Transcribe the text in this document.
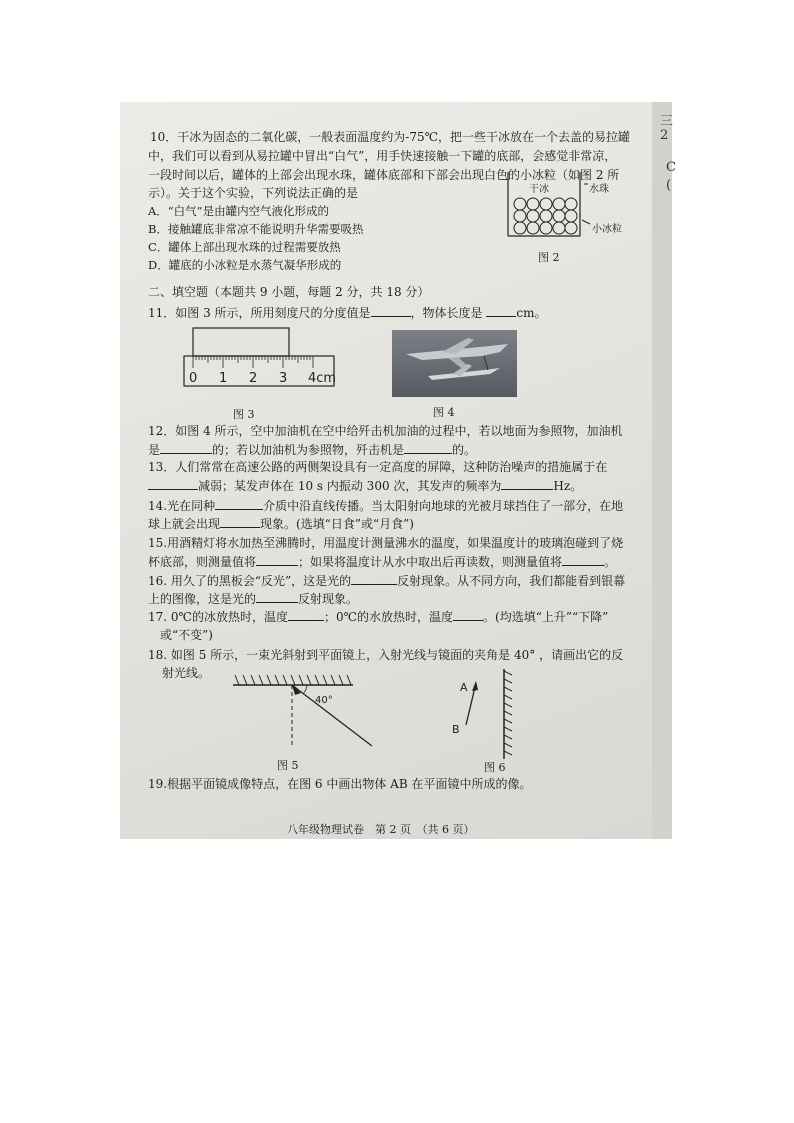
三
2
C
(
10．干冰为固态的二氧化碳，一般表面温度约为-75℃，把一些干冰放在一个去盖的易拉罐
中，我们可以看到从易拉罐中冒出“白气”，用手快速接触一下罐的底部，会感觉非常凉，
一段时间以后，罐体的上部会出现水珠，罐体底部和下部会出现白色的小冰粒（如图 2 所
示）。关于这个实验，下列说法正确的是
A．“白气”是由罐内空气液化形成的
B．接触罐底非常凉不能说明升华需要吸热
C．罐体上部出现水珠的过程需要放热
D．罐底的小冰粒是水蒸气凝华形成的
干冰	水珠
小冰粒
图 2
二、填空题（本题共 9 小题，每题 2 分，共 18 分）
11．如图 3 所示，所用刻度尺的分度值是	，物体长度是	cm。
0 1 2 3 4cm
图 3	图 4
12．如图 4 所示，空中加油机在空中给歼击机加油的过程中，若以地面为参照物，加油机
是	的；若以加油机为参照物，歼击机是	的。
13．人们常常在高速公路的两侧架设具有一定高度的屏障，这种防治噪声的措施属于在
减弱；某发声体在 10 s 内振动 300 次，其发声的频率为	Hz。
14.光在同种	介质中沿直线传播。当太阳射向地球的光被月球挡住了一部分，在地
球上就会出现	现象。(选填“日食”或“月食”)
15.用酒精灯将水加热至沸腾时，用温度计测量沸水的温度，如果温度计的玻璃泡碰到了烧
杯底部，则测量值将	；如果将温度计从水中取出后再读数，则测量值将	。
16. 用久了的黑板会“反光”，这是光的	反射现象。从不同方向，我们都能看到银幕
上的图像，这是光的	反射现象。
17. 0℃的冰放热时，温度	；0℃的水放热时，温度	。(均选填“上升”“下降”
或“不变”)
18. 如图 5 所示，一束光斜射到平面镜上，入射光线与镜面的夹角是 40° ，请画出它的反
射光线。
40°
图 5
A
B
图 6
19.根据平面镜成像特点，在图 6 中画出物体 AB 在平面镜中所成的像。
八年级物理试卷　第 2 页　（共 6 页）
